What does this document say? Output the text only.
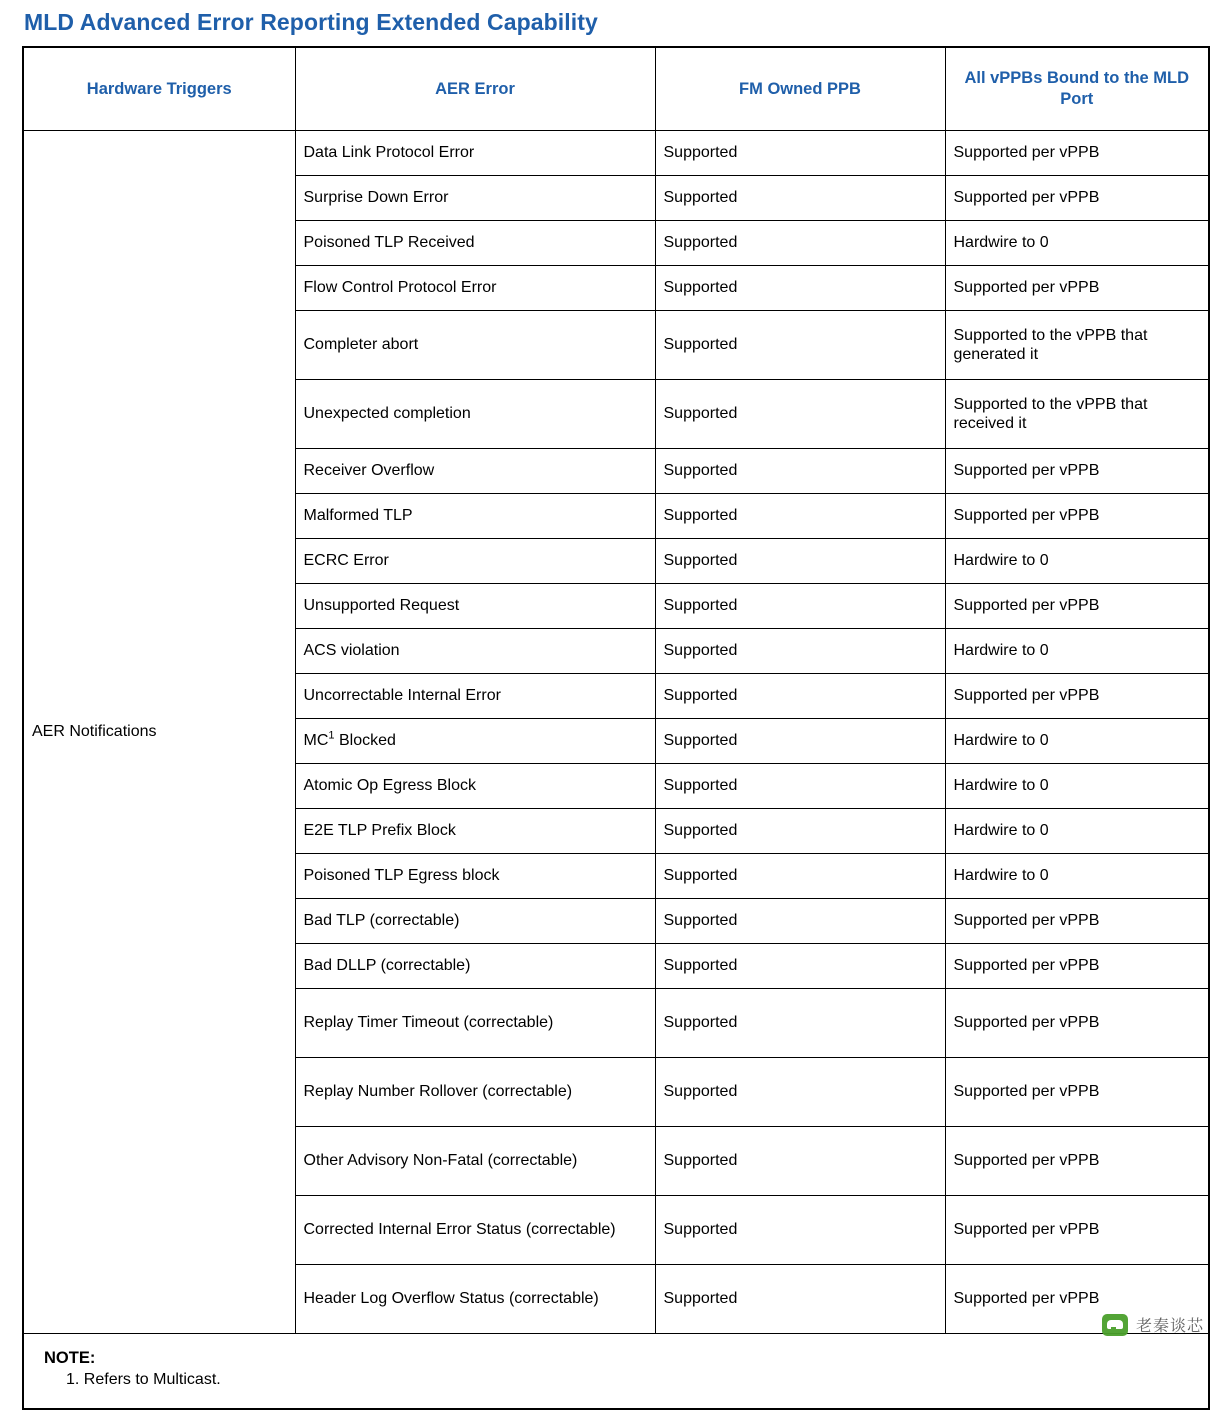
MLD Advanced Error Reporting Extended Capability
Hardware Triggers	AER Error	FM Owned PPB	All vPPBs Bound to the MLD Port
AER Notifications	Data Link Protocol Error	Supported	Supported per vPPB
	Surprise Down Error	Supported	Supported per vPPB
	Poisoned TLP Received	Supported	Hardwire to 0
	Flow Control Protocol Error	Supported	Supported per vPPB
	Completer abort	Supported	Supported to the vPPB that generated it
	Unexpected completion	Supported	Supported to the vPPB that received it
	Receiver Overflow	Supported	Supported per vPPB
	Malformed TLP	Supported	Supported per vPPB
	ECRC Error	Supported	Hardwire to 0
	Unsupported Request	Supported	Supported per vPPB
	ACS violation	Supported	Hardwire to 0
	Uncorrectable Internal Error	Supported	Supported per vPPB
	$MC^1$ Blocked	Supported	Hardwire to 0
	Atomic Op Egress Block	Supported	Hardwire to 0
	E2E TLP Prefix Block	Supported	Hardwire to 0
	Poisoned TLP Egress block	Supported	Hardwire to 0
	Bad TLP (correctable)	Supported	Supported per vPPB
	Bad DLLP (correctable)	Supported	Supported per vPPB
	Replay Timer Timeout (correctable)	Supported	Supported per vPPB
	Replay Number Rollover (correctable)	Supported	Supported per vPPB
	Other Advisory Non-Fatal (correctable)	Supported	Supported per vPPB
	Corrected Internal Error Status (correctable)	Supported	Supported per vPPB
	Header Log Overflow Status (correctable)	Supported	Supported per vPPB

NOTE:
1. Refers to Multicast.			
老秦谈芯
